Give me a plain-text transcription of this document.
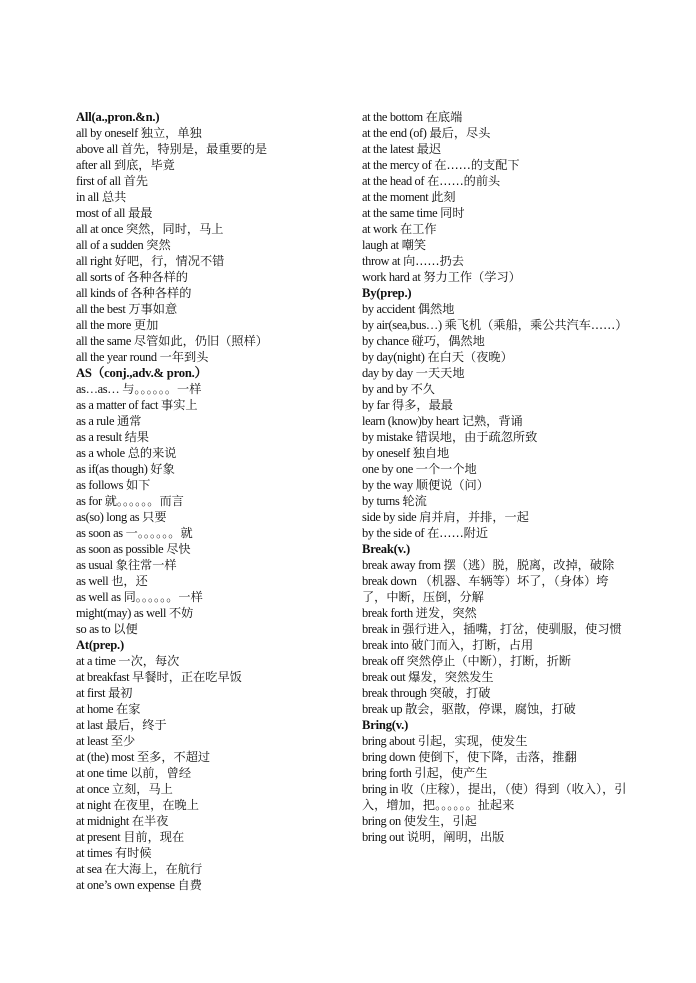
All(a.,pron.&n.)
all by oneself 独立，单独
above all 首先，特别是，最重要的是
after all 到底，毕竟
first of all 首先
in all 总共
most of all 最最
all at once 突然，同时，马上
all of a sudden 突然
all right 好吧，行，情况不错
all sorts of 各种各样的
all kinds of 各种各样的
all the best 万事如意
all the more 更加
all the same 尽管如此，仍旧（照样）
all the year round 一年到头
AS（conj.,adv.& pron.）
as…as… 与。。。。。。一样
as a matter of fact 事实上
as a rule 通常
as a result 结果
as a whole 总的来说
as if(as though) 好象
as follows 如下
as for 就。。。。。。而言
as(so) long as 只要
as soon as 一。。。。。。就
as soon as possible 尽快
as usual 象往常一样
as well 也，还
as well as 同。。。。。。一样
might(may) as well 不妨
so as to 以便
At(prep.)
at a time 一次，每次
at breakfast 早餐时，正在吃早饭
at first 最初
at home 在家
at last 最后，终于
at least 至少
at (the) most 至多，不超过
at one time 以前，曾经
at once 立刻，马上
at night 在夜里，在晚上
at midnight 在半夜
at present 目前，现在
at times 有时候
at sea 在大海上，在航行
at one’s own expense 自费
at the bottom 在底端
at the end (of) 最后，尽头
at the latest 最迟
at the mercy of 在……的支配下
at the head of 在……的前头
at the moment 此刻
at the same time 同时
at work 在工作
laugh at 嘲笑
throw at 向……扔去
work hard at 努力工作（学习）
By(prep.)
by accident 偶然地
by air(sea,bus…) 乘飞机（乘船，乘公共汽车……）
by chance 碰巧，偶然地
by day(night) 在白天（夜晚）
day by day 一天天地
by and by 不久
by far 得多，最最
learn (know)by heart 记熟，背诵
by mistake 错误地，由于疏忽所致
by oneself 独自地
one by one 一个一个地
by the way 顺便说（问）
by turns 轮流
side by side 肩并肩，并排，一起
by the side of 在……附近
Break(v.)
break away from 摆（逃）脱，脱离，改掉，破除
break down （机器、车辆等）坏了，（身体）垮了，中断，压倒，分解
break forth 迸发，突然
break in 强行进入，插嘴，打岔，使驯服，使习惯
break into 破门而入，打断，占用
break off 突然停止（中断），打断，折断
break out 爆发，突然发生
break through 突破，打破
break up 散会，驱散，停课，腐蚀，打破
Bring(v.)
bring about 引起，实现，使发生
bring down 使倒下，使下降，击落，推翻
bring forth 引起，使产生
bring in 收（庄稼），提出，（使）得到（收入），引入，增加，把。。。。。。扯起来
bring on 使发生，引起
bring out 说明，阐明，出版
